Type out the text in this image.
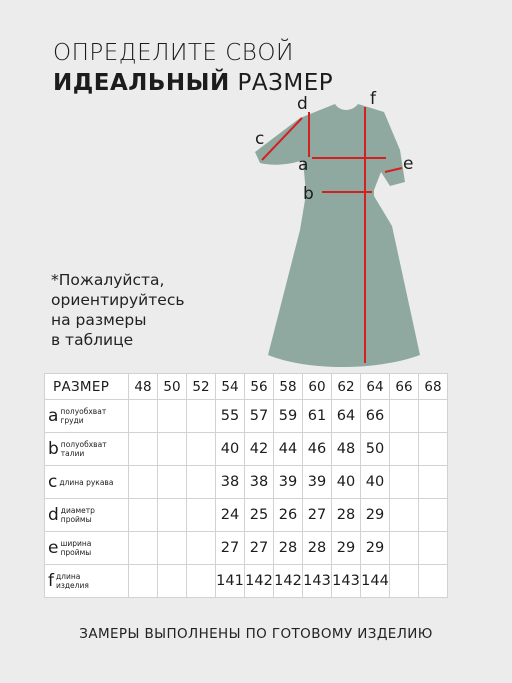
ОПРЕДЕЛИТЕ СВОЙ
ИДЕАЛЬНЫЙ РАЗМЕР
d	f
c
a	e
b
*Пожалуйста,
ориентируйтесь
на размеры
в таблице
РАЗМЕР	48	50	52	54	56	58	60	62	64	66	68
a полуобхват груди				55	57	59	61	64	66		
b полуобхват талии				40	42	44	46	48	50		
c длина рукава				38	38	39	39	40	40		
d диаметр проймы				24	25	26	27	28	29		
e ширина проймы				27	27	28	28	29	29		
f длина изделия				141	142	142	143	143	144		
ЗАМЕРЫ ВЫПОЛНЕНЫ ПО ГОТОВОМУ ИЗДЕЛИЮ
